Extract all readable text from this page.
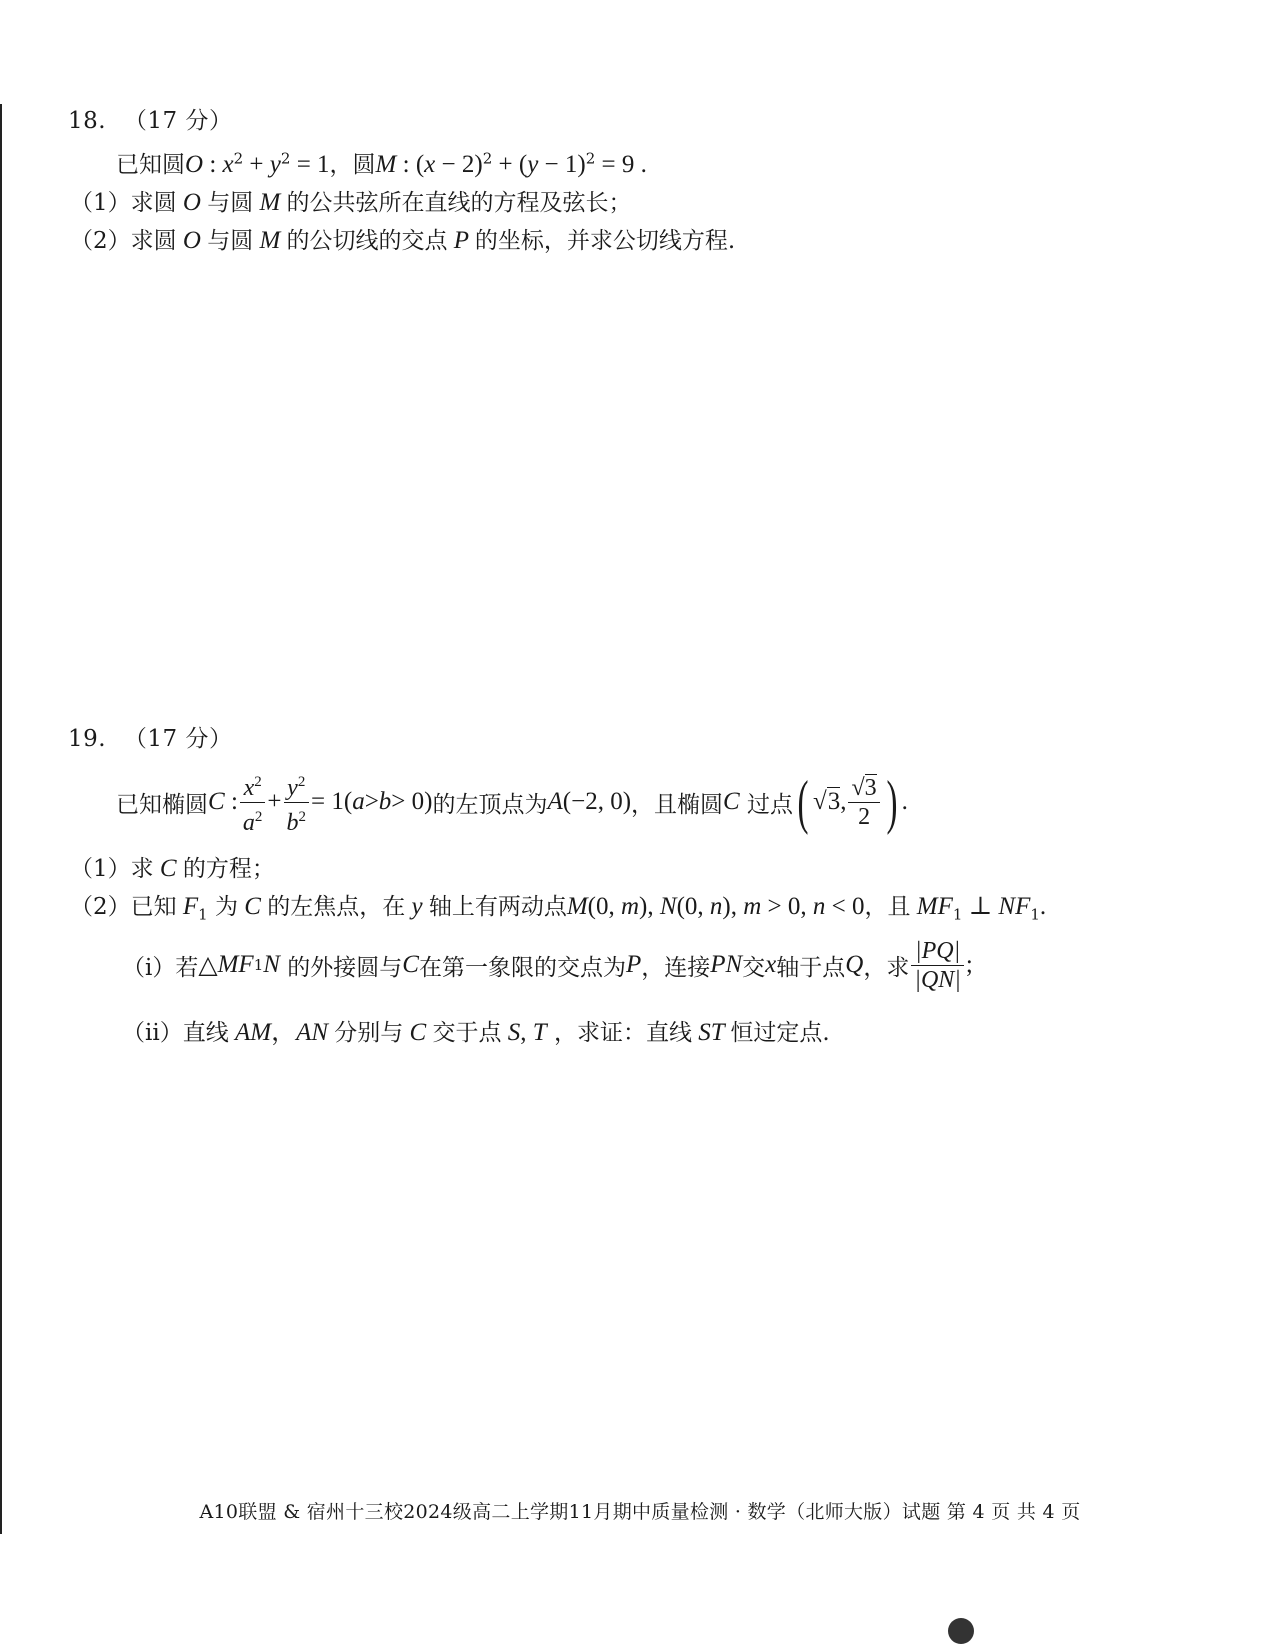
18. （17 分）
已知圆O : $x^2 + y^2 = 1$，圆M : $(x - 2)^2 + (y - 1)^2 = 9$ .
（1）求圆 O 与圆 M 的公共弦所在直线的方程及弦长；
（2）求圆 O 与圆 M 的公切线的交点 P 的坐标，并求公切线方程.
19. （17 分）
已知椭圆 C : $\frac{x^2}{a^2} + \frac{y^2}{b^2} = 1$( a > b > 0) 的左顶点为 A (−2, 0) ，且椭圆 C
过点 ( √3 , $\frac{√3}{2}$ ) .
（1）求 C 的方程；
（2）已知 $F_1$ 为 C 的左焦点，在 y 轴上有两动点M(0, m), N(0, n), m > 0, n < 0，且 $MF_1$ ⊥ $NF_1$.
（i） 若 △ MF 1 N
的外接圆与 C 在第一象限的交点为 P ，连接 PN 交 x 轴于点 Q ，求 $\frac{|PQ|}{|QN|}$ ;
（ii）直线 AM，AN 分别与 C 交于点 S, T ，求证：直线 ST 恒过定点.
A10联盟 & 宿州十三校2024级高二上学期11月期中质量检测 · 数学（北师大版）试题 第 4 页 共 4 页
